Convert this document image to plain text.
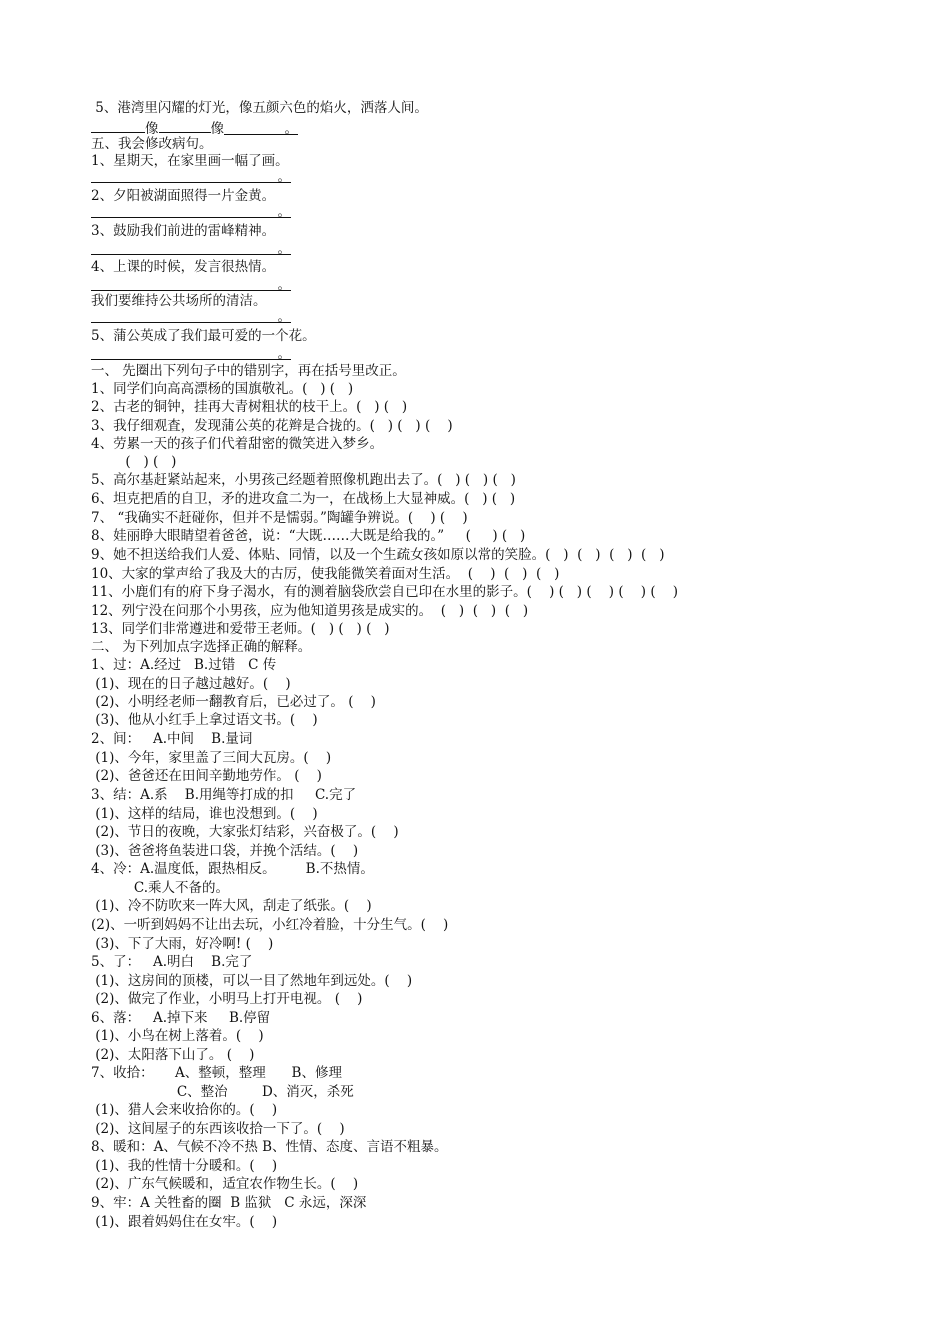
5、港湾里闪耀的灯光，像五颜六色的焰火，洒落人间。

像	像	。

五、我会修改病句。

1、星期天，在家里画一幅了画。

。

2、夕阳被湖面照得一片金黄。

。

3、鼓励我们前进的雷峰精神。

。

4、上课的时候，发言很热情。

。

我们要维持公共场所的清洁。

。

5、蒲公英成了我们最可爱的一个花。

。

一、 先圈出下列句子中的错别字，再在括号里改正。

1、同学们向高高漂杨的国旗敬礼。(   ) (   )

2、古老的铜钟，挂再大青树粗状的枝干上。(   ) (   )

3、我仔细观査，发现蒲公英的花辫是合拢的。(   ) (   ) (    )

4、劳累一天的孩子们代着甜密的微笑进入梦乡。

(   ) (   )

5、高尔基赶紧站起来，小男孩己经题着照像机跑出去了。(   ) (   ) (   )

6、坦克把盾的自卫，矛的进攻盒二为一，在战杨上大显神威。(   ) (   )

7、 “我确实不赶碰你，但并不是懦弱。”陶罐争辨说。(    ) (    )

8、娃丽睁大眼睛望着爸爸，说：“大既……大既是给我的。”     (     ) (   )

9、她不担送给我们人爱、体贴、同情，以及一个生疏女孩如原以常的笑脸。(   )  (   )  (   )  (   )

10、大家的掌声给了我及大的古厉，使我能微笑着面对生活。  (    )  (   )  (   )

11、小鹿们有的府下身子渴水，有的测着脑袋欣尝自已印在水里的影子。(    ) (   ) (    ) (    ) (    )

12、列宁没在问那个小男孩，应为他知道男孩是成实的。  (   )  (   )  (   )

13、同学们非常遵进和爱带王老师。(   ) (   ) (   )

二、 为下列加点字选择正确的解释。

1、过：A.经过   B.过错   C 传

(1)、现在的日子越过越好。(    )

(2)、小明经老师一翻教育后，已必过了。 (    )

(3)、他从小红手上拿过语文书。(    )

2、间：   A.中间    B.量词

(1)、今年，家里盖了三间大瓦房。(    )

(2)、爸爸还在田间辛勤地劳作。 (    )

3、结：A.系    B.用绳等打成的扣     C.完了

(1)、这样的结局，谁也没想到。(    )

(2)、节日的夜晚，大家张灯结彩，兴奋极了。(    )

(3)、爸爸将鱼装进口袋，并挽个活结。(    )

4、冷：A.温度低，跟热相反。       B.不热情。

C.乘人不备的。

(1)、冷不防吹来一阵大风，刮走了纸张。(    )

(2)、一听到妈妈不让出去玩，小红冷着脸，十分生气。(    )

(3)、下了大雨，好冷啊! (    )

5、了：   A.明白    B.完了

(1)、这房间的顶楼，可以一目了然地年到远处。(    )

(2)、做完了作业，小明马上打开电视。 (    )

6、落：   A.掉下来     B.停留

(1)、小鸟在树上落着。(    )

(2)、太阳落下山了。 (    )

7、收拾：     A、整顿，整理      B、修理

C、整治        D、消灭，杀死

(1)、猎人会来收拾你的。(    )

(2)、这间屋子的东西该收拾一下了。(    )

8、暖和：A、气候不冷不热 B、性情、态度、言语不粗暴。

(1)、我的性情十分暖和。(    )

(2)、广东气候暖和，适宜农作物生长。(    )

9、牢：A 关牲畜的圈  B 监狱   C 永远，深深

(1)、跟着妈妈住在女牢。(    )
